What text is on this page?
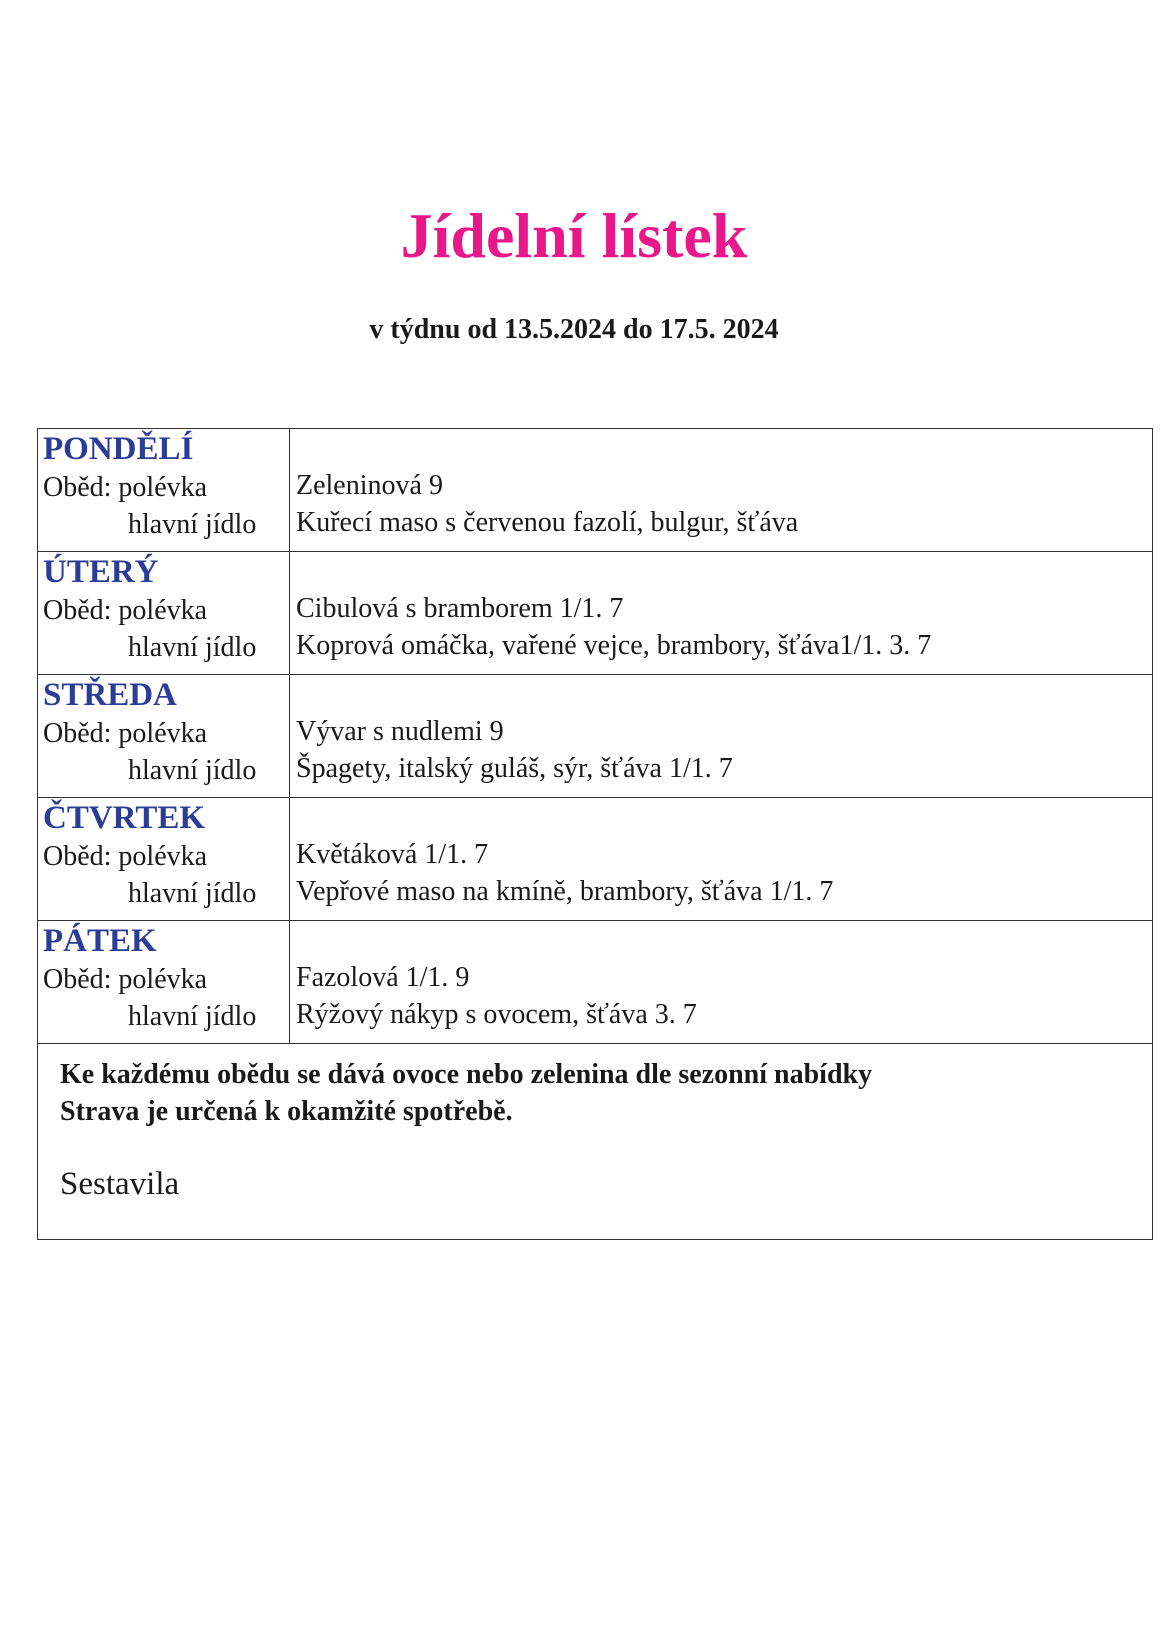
Jídelní lístek
v týdnu od 13.5.2024 do 17.5. 2024
PONDĚLÍ
Oběd: polévka
hlavní jídlo
Zeleninová 9
Kuřecí maso s červenou fazolí, bulgur, šťáva
ÚTERÝ
Oběd: polévka
hlavní jídlo
Cibulová s bramborem 1/1. 7
Koprová omáčka, vařené vejce, brambory, šťáva1/1. 3. 7
STŘEDA
Oběd: polévka
hlavní jídlo
Vývar s nudlemi 9
Špagety, italský guláš, sýr, šťáva 1/1. 7
ČTVRTEK
Oběd: polévka
hlavní jídlo
Květáková 1/1. 7
Vepřové maso na kmíně, brambory, šťáva 1/1. 7
PÁTEK
Oběd: polévka
hlavní jídlo
Fazolová 1/1. 9
Rýžový nákyp s ovocem, šťáva 3. 7
Ke každému obědu se dává ovoce nebo zelenina dle sezonní nabídky
Strava je určená k okamžité spotřebě.
Sestavila
